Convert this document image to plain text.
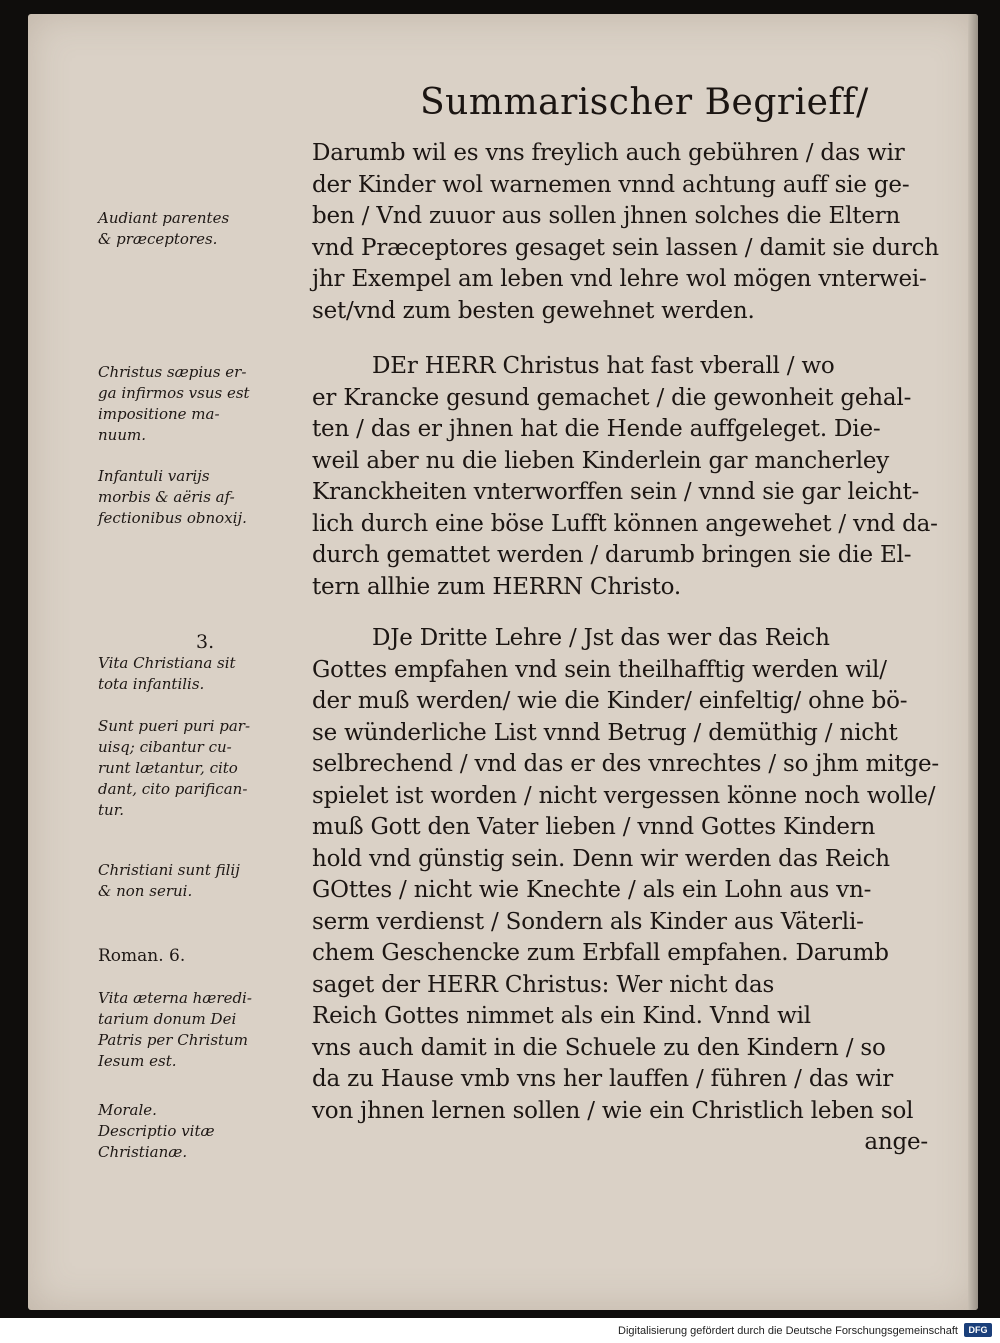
Summarischer Begrieff/
Darumb wil es vns freylich auch gebühren / das wir
der Kinder wol warnemen vnnd achtung auff sie ge-
ben / Vnd zuuor aus sollen jhnen solches die Eltern
vnd Præceptores gesaget sein lassen / damit sie durch
jhr Exempel am leben vnd lehre wol mögen vnterwei-
set/vnd zum besten gewehnet werden.
DEr HERR Christus hat fast vberall / wo
er Krancke gesund gemachet / die gewonheit gehal-
ten / das er jhnen hat die Hende auffgeleget. Die-
weil aber nu die lieben Kinderlein gar mancherley
Kranckheiten vnterworffen sein / vnnd sie gar leicht-
lich durch eine böse Lufft können angewehet / vnd da-
durch gemattet werden / darumb bringen sie die El-
tern allhie zum HERRN Christo.
DJe Dritte Lehre / Jst das wer das Reich
Gottes empfahen vnd sein theilhafftig werden wil/
der muß werden/ wie die Kinder/ einfeltig/ ohne bö-
se wünderliche List vnnd Betrug / demüthig / nicht
selbrechend / vnd das er des vnrechtes / so jhm mitge-
spielet ist worden / nicht vergessen könne noch wolle/
muß Gott den Vater lieben / vnnd Gottes Kindern
hold vnd günstig sein. Denn wir werden das Reich
GOttes / nicht wie Knechte / als ein Lohn aus vn-
serm verdienst / Sondern als Kinder aus Väterli-
chem Geschencke zum Erbfall empfahen. Darumb
saget der HERR Christus: Wer nicht das
Reich Gottes nimmet als ein Kind. Vnnd wil
vns auch damit in die Schuele zu den Kindern / so
da zu Hause vmb vns her lauffen / führen / das wir
von jhnen lernen sollen / wie ein Christlich leben sol
ange-
Audiant parentes
& præceptores.
Christus sæpius er-
ga infirmos vsus est
impositione ma-
nuum.
Infantuli varijs
morbis & aëris af-
fectionibus obnoxij.
3.
Vita Christiana sit
tota infantilis.
Sunt pueri puri par-
uisq; cibantur cu-
runt lætantur, cito
dant, cito parifican-
tur.
Christiani sunt filij
& non serui.
Roman. 6.
Vita æterna hæredi-
tarium donum Dei
Patris per Christum
Iesum est.
Morale.
Descriptio vitæ
Christianæ.
Digitalisierung gefördert durch die Deutsche Forschungsgemeinschaft	DFG
